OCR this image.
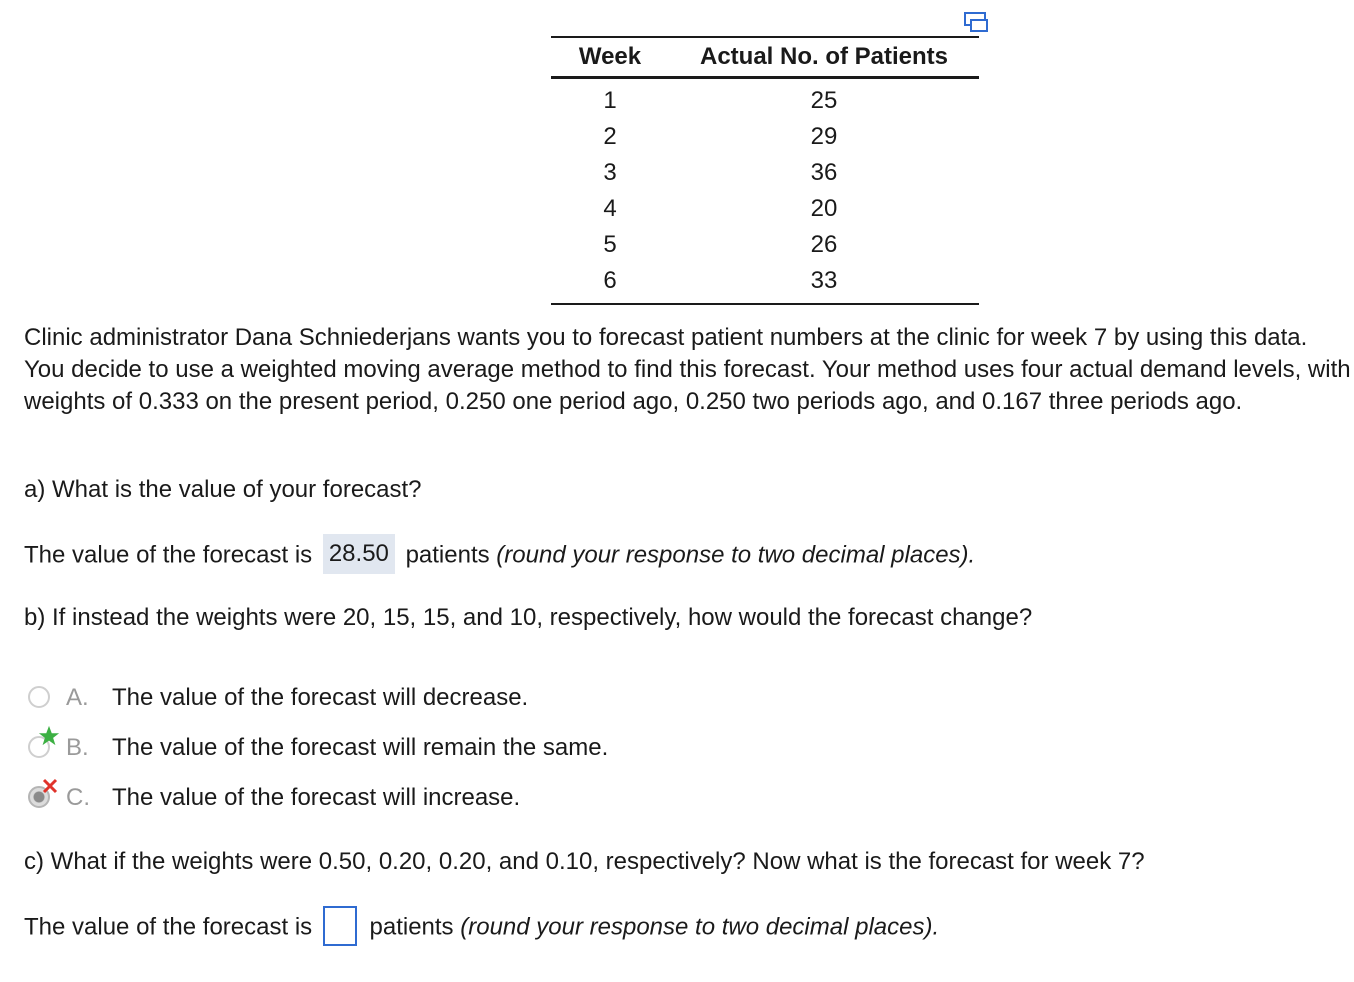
Week	Actual No. of Patients
1	25
2	29
3	36
4	20
5	26
6	33
Clinic administrator Dana Schniederjans wants you to forecast patient numbers at the clinic for week 7 by using this data. You decide to use a weighted moving average method to find this forecast. Your method uses four actual demand levels, with weights of 0.333 on the present period, 0.250 one period ago, 0.250 two periods ago, and 0.167 three periods ago.
a) What is the value of your forecast?
The value of the forecast is 28.50 patients (round your response to two decimal places).
b) If instead the weights were 20, 15, 15, and 10, respectively, how would the forecast change?
A. The value of the forecast will decrease.
B. The value of the forecast will remain the same.
C. The value of the forecast will increase.
c) What if the weights were 0.50, 0.20, 0.20, and 0.10, respectively? Now what is the forecast for week 7?
The value of the forecast is patients (round your response to two decimal places).
